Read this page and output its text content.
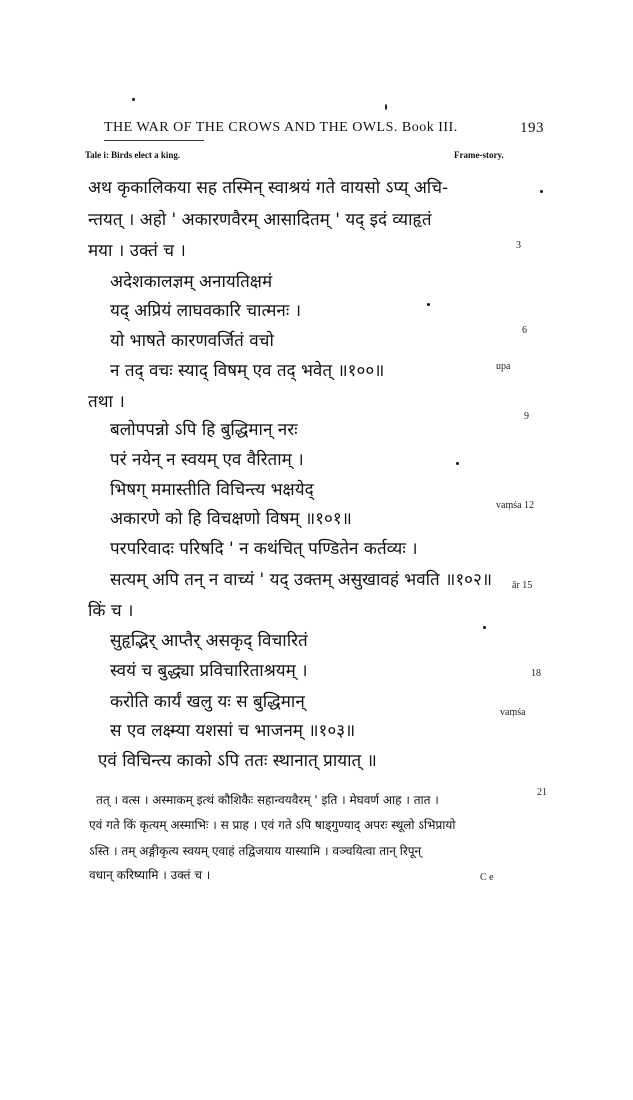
THE WAR OF THE CROWS AND THE OWLS. Book III.	193
Tale i: Birds elect a king.	Frame-story.
अथ कृकालिकया सह तस्मिन् स्वाश्रयं गते वायसो ऽप्य् अचि-
न्तयत् । अहो ' अकारणवैरम् आसादितम् ' यद् इदं व्याहृतं
मया । उक्तं च ।
अदेशकालज्ञम् अनायतिक्षमं
यद् अप्रियं लाघवकारि चात्मनः ।
यो भाषते कारणवर्जितं वचो
न तद् वचः स्याद् विषम् एव तद् भवेत् ॥१००॥
तथा ।
बलोपपन्नो ऽपि हि बुद्धिमान् नरः
परं नयेन् न स्वयम् एव वैरिताम् ।
भिषग् ममास्तीति विचिन्त्य भक्षयेद्
अकारणे को हि विचक्षणो विषम् ॥१०१॥
परपरिवादः परिषदि ' न कथंचित् पण्डितेन कर्तव्यः ।
सत्यम् अपि तन् न वाच्यं ' यद् उक्तम् असुखावहं भवति ॥१०२॥
किं च ।
सुहृद्भिर् आप्तैर् असकृद् विचारितं
स्वयं च बुद्ध्या प्रविचारिताश्रयम् ।
करोति कार्यं खलु यः स बुद्धिमान्
स एव लक्ष्म्या यशसां च भाजनम् ॥१०३॥
एवं विचिन्त्य काको ऽपि ततः स्थानात् प्रायात् ॥
3
6
upa
9
vaṃśa 12
ār 15
18
vaṃśa
21
C e
तत् । वत्स । अस्माकम् इत्थं कौशिकैः सहान्वयवैरम् ' इति । मेघवर्ण आह । तात ।
एवं गते किं कृत्यम् अस्माभिः । स प्राह । एवं गते ऽपि षाड्गुण्याद् अपरः स्थूलो ऽभिप्रायो
ऽस्ति । तम् अङ्गीकृत्य स्वयम् एवाहं तद्विजयाय यास्यामि । वञ्चयित्वा तान् रिपून्
वधान् करिष्यामि । उक्तं च ।
